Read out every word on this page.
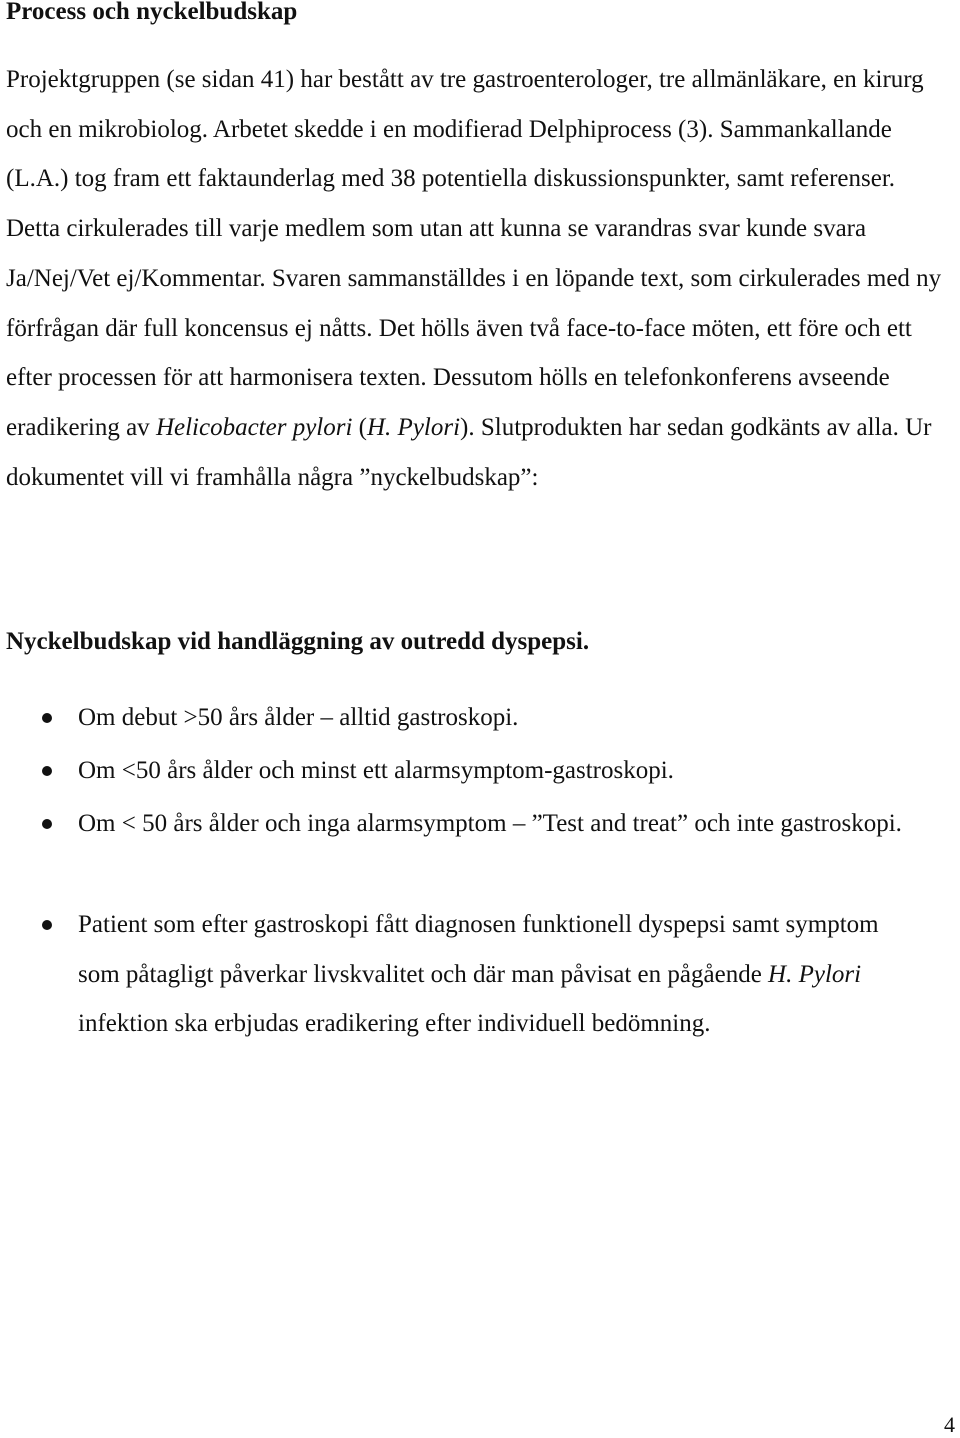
Process och nyckelbudskap

Projektgruppen (se sidan 41) har bestått av tre gastroenterologer, tre allmänläkare, en kirurg och en mikrobiolog. Arbetet skedde i en modifierad Delphiprocess (3). Sammankallande (L.A.) tog fram ett faktaunderlag med 38 potentiella diskussionspunkter, samt referenser. Detta cirkulerades till varje medlem som utan att kunna se varandras svar kunde svara Ja/Nej/Vet ej/Kommentar. Svaren sammanställdes i en löpande text, som cirkulerades med ny förfrågan där full koncensus ej nåtts. Det hölls även två face-to-face möten, ett före och ett efter processen för att harmonisera texten. Dessutom hölls en telefonkonferens avseende eradikering av Helicobacter pylori (H. Pylori). Slutprodukten har sedan godkänts av alla. Ur dokumentet vill vi framhålla några ”nyckelbudskap”:

Nyckelbudskap vid handläggning av outredd dyspepsi.
Om debut >50 års ålder – alltid gastroskopi.
Om <50 års ålder och minst ett alarmsymptom-gastroskopi.
Om < 50 års ålder och inga alarmsymptom – ”Test and treat” och inte gastroskopi.
Patient som efter gastroskopi fått diagnosen funktionell dyspepsi samt symptom som påtagligt påverkar livskvalitet och där man påvisat en pågående H. Pylori infektion ska erbjudas eradikering efter individuell bedömning.
4
